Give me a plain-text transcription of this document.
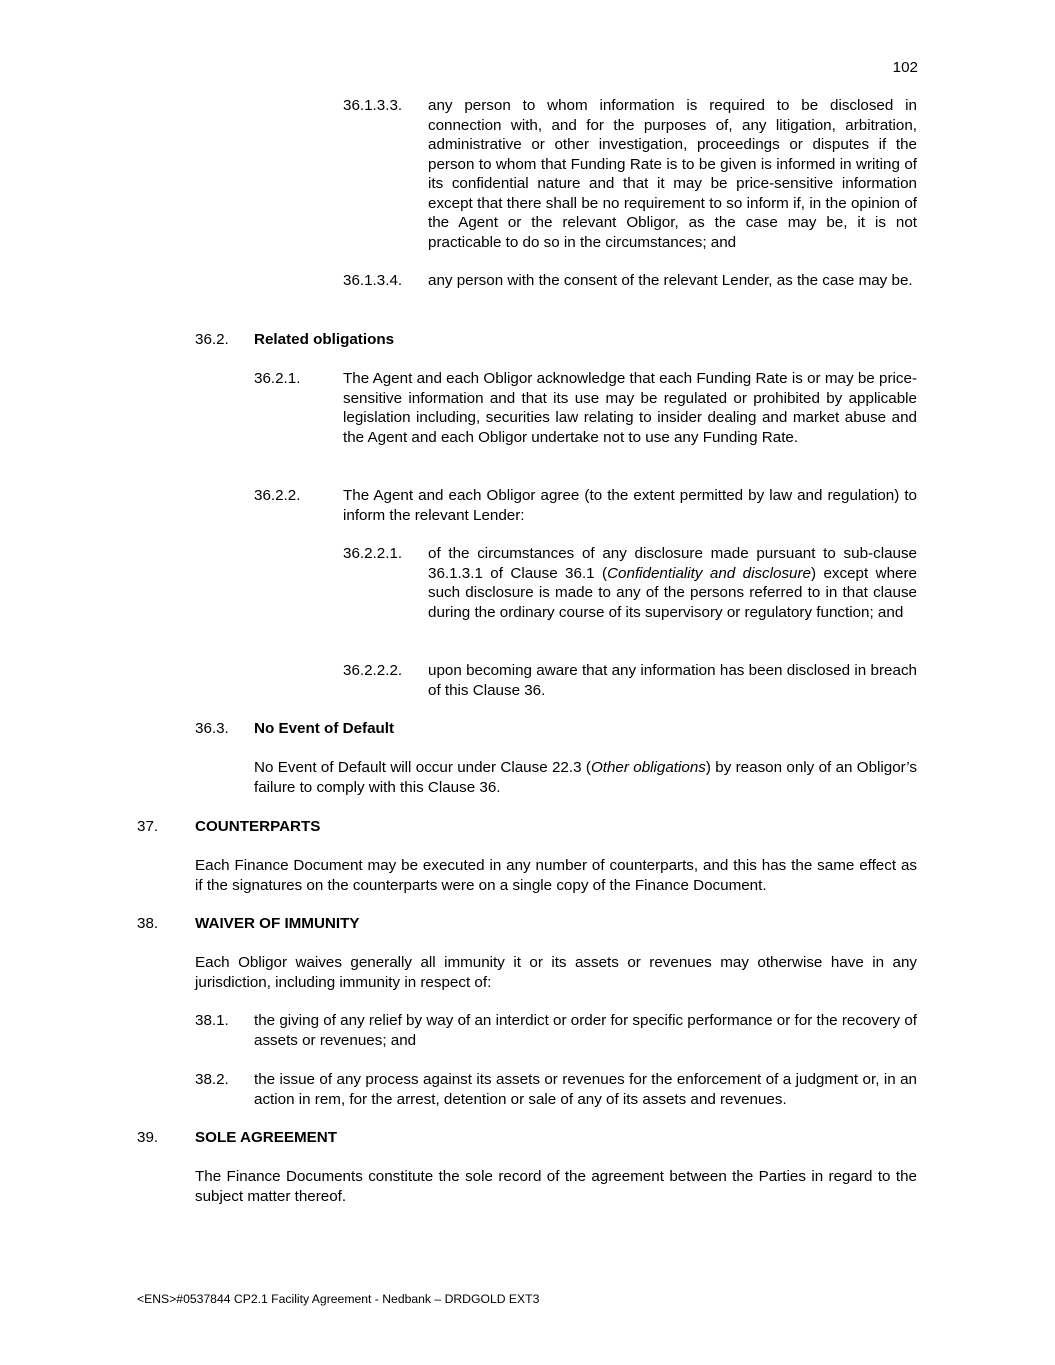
102
36.1.3.3. any person to whom information is required to be disclosed in connection with, and for the purposes of, any litigation, arbitration, administrative or other investigation, proceedings or disputes if the person to whom that Funding Rate is to be given is informed in writing of its confidential nature and that it may be price-sensitive information except that there shall be no requirement to so inform if, in the opinion of the Agent or the relevant Obligor, as the case may be, it is not practicable to do so in the circumstances; and
36.1.3.4. any person with the consent of the relevant Lender, as the case may be.
36.2. Related obligations
36.2.1.	The Agent and each Obligor acknowledge that each Funding Rate is or may be price-sensitive information and that its use may be regulated or prohibited by applicable legislation including, securities law relating to insider dealing and market abuse and the Agent and each Obligor undertake not to use any Funding Rate.
36.2.2.	The Agent and each Obligor agree (to the extent permitted by law and regulation) to inform the relevant Lender:
36.2.2.1. of the circumstances of any disclosure made pursuant to sub-clause 36.1.3.1 of Clause 36.1 (Confidentiality and disclosure) except where such disclosure is made to any of the persons referred to in that clause during the ordinary course of its supervisory or regulatory function; and
36.2.2.2. upon becoming aware that any information has been disclosed in breach of this Clause 36.
36.3. No Event of Default
No Event of Default will occur under Clause 22.3 (Other obligations) by reason only of an Obligor’s failure to comply with this Clause 36.
37. COUNTERPARTS
Each Finance Document may be executed in any number of counterparts, and this has the same effect as if the signatures on the counterparts were on a single copy of the Finance Document.
38. WAIVER OF IMMUNITY
Each Obligor waives generally all immunity it or its assets or revenues may otherwise have in any jurisdiction, including immunity in respect of:
38.1. the giving of any relief by way of an interdict or order for specific performance or for the recovery of assets or revenues; and
38.2. the issue of any process against its assets or revenues for the enforcement of a judgment or, in an action in rem, for the arrest, detention or sale of any of its assets and revenues.
39. SOLE AGREEMENT
The Finance Documents constitute the sole record of the agreement between the Parties in regard to the subject matter thereof.
<ENS>#0537844 CP2.1 Facility Agreement - Nedbank – DRDGOLD EXT3
